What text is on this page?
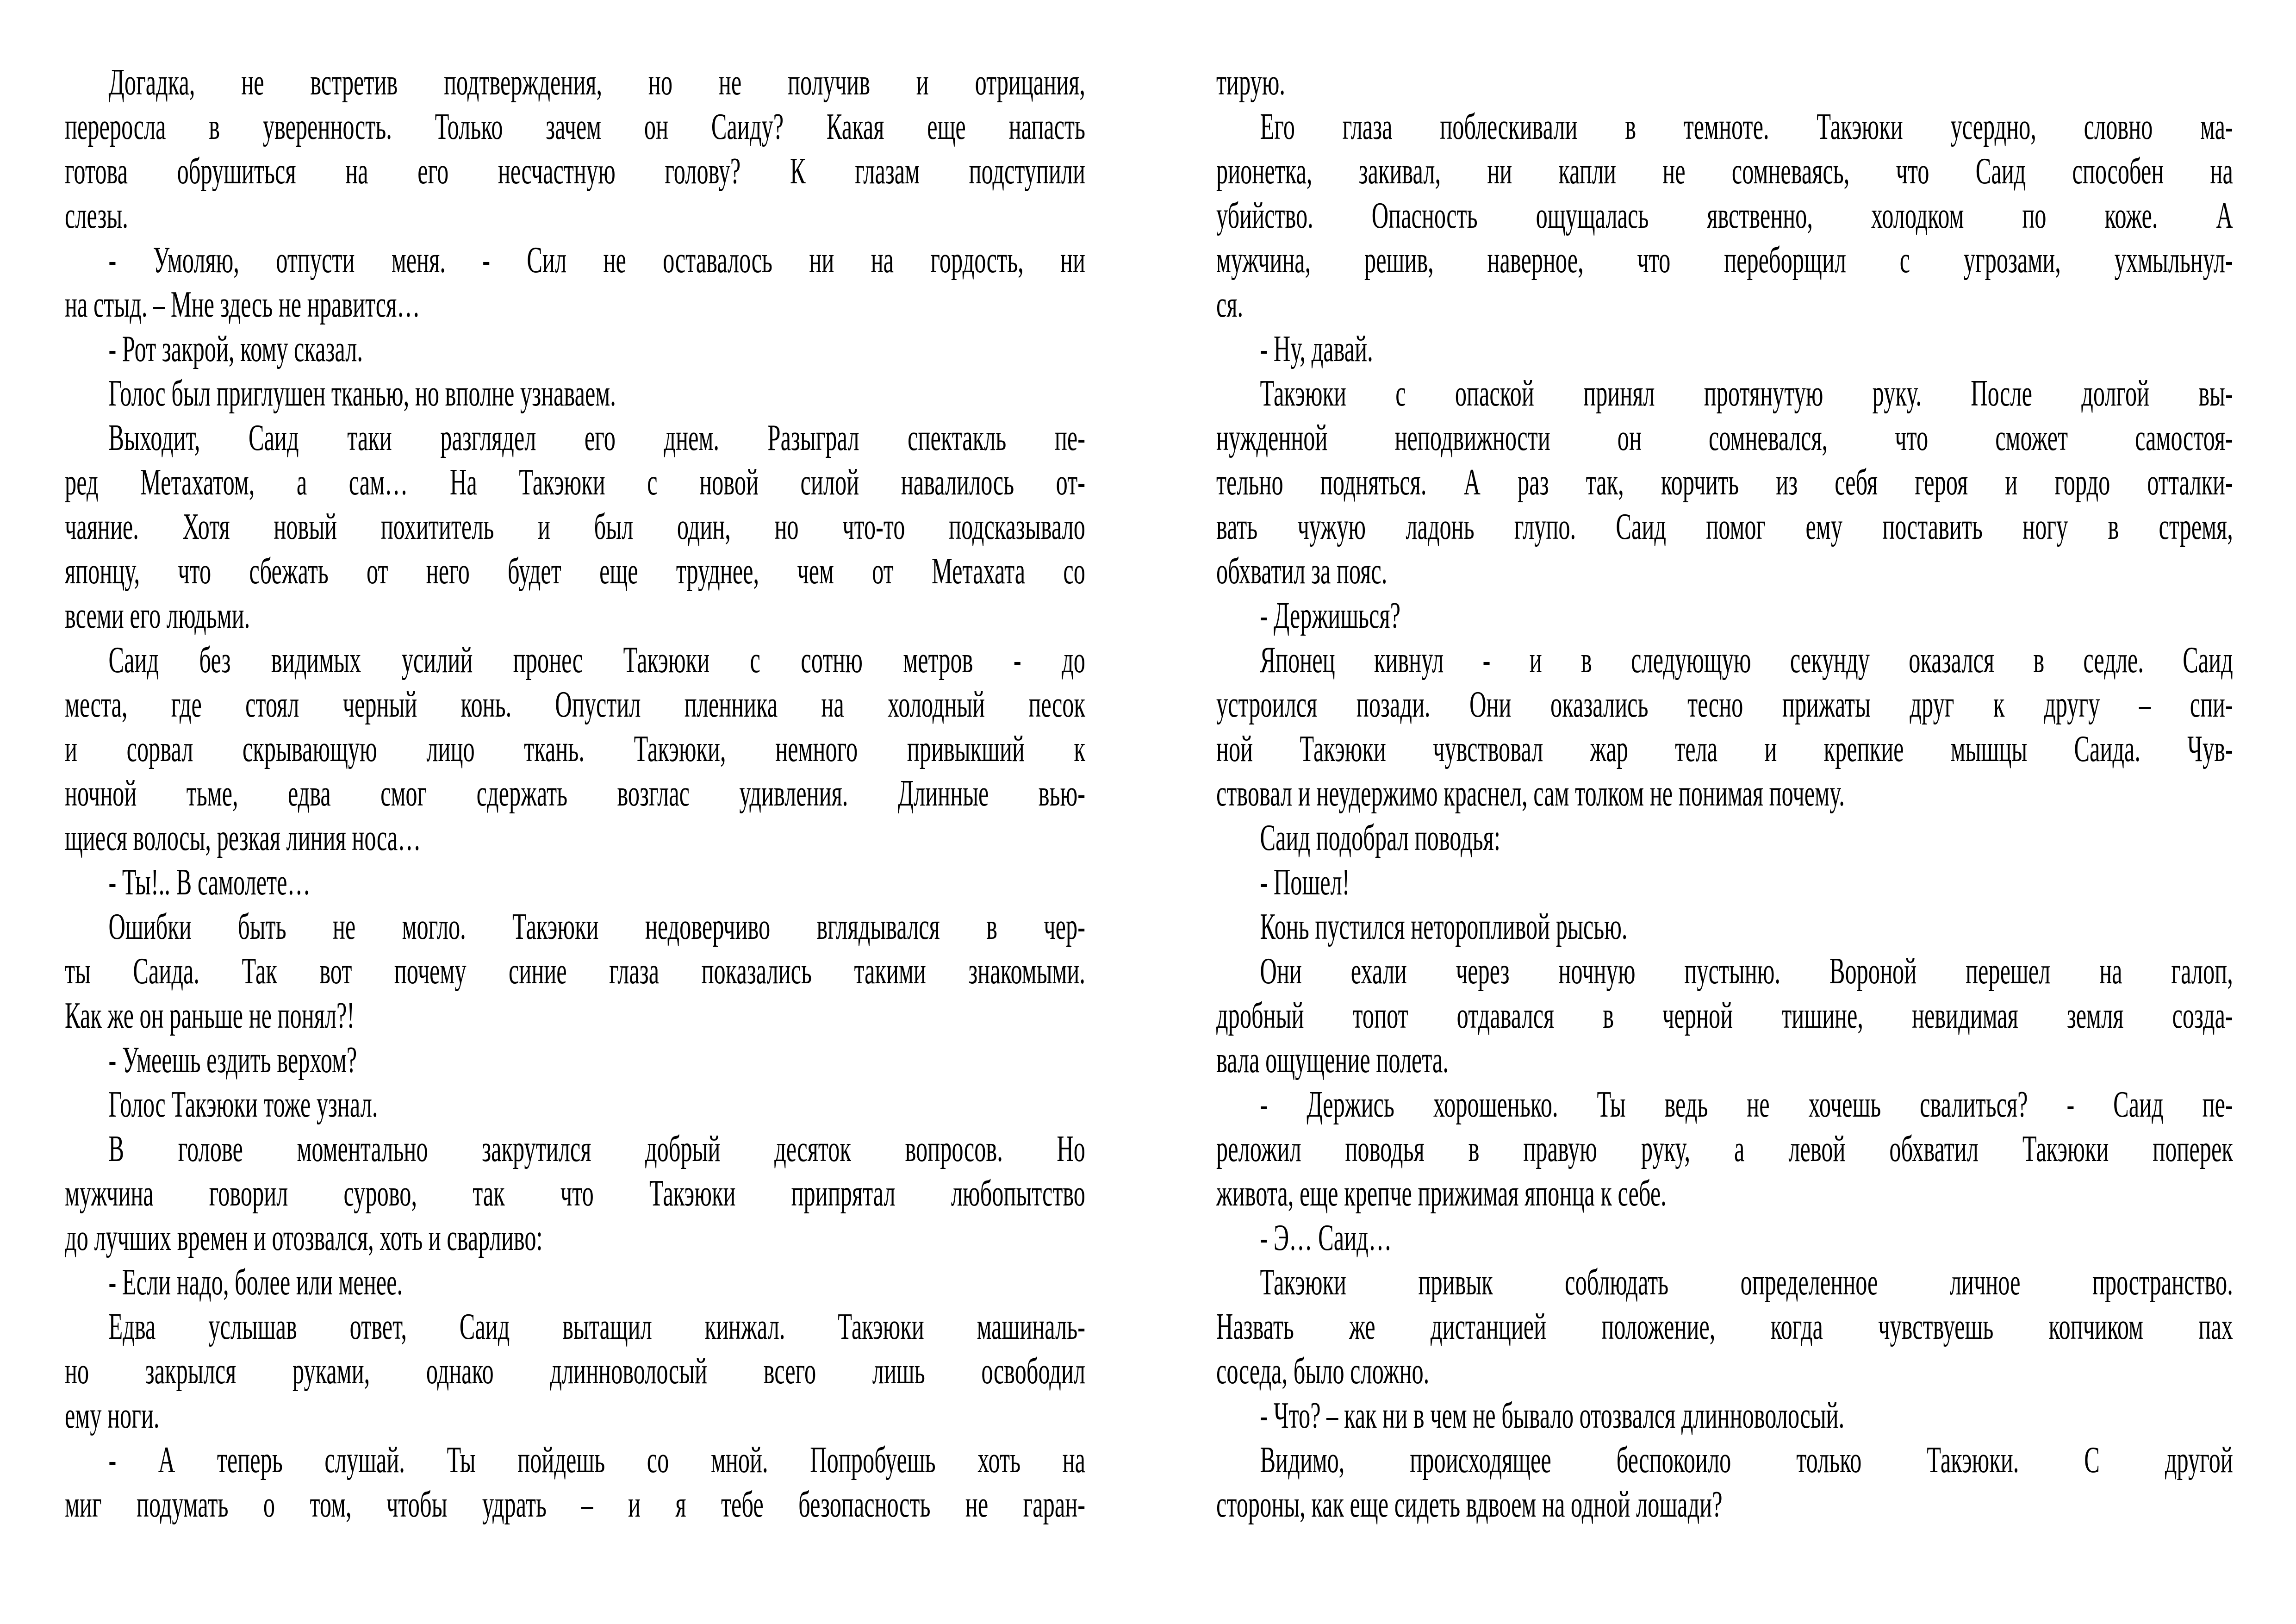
Догадка, не встретив подтверждения, но не получив и отрицания,
переросла в уверенность. Только зачем он Саиду? Какая еще напасть
готова обрушиться на его несчастную голову? К глазам подступили
слезы.
- Умоляю, отпусти меня. - Сил не оставалось ни на гордость, ни
на стыд. – Мне здесь не нравится…
- Рот закрой, кому сказал.
Голос был приглушен тканью, но вполне узнаваем.
Выходит, Саид таки разглядел его днем. Разыграл спектакль пе-
ред Метахатом, а сам… На Такэюки с новой силой навалилось от-
чаяние. Хотя новый похититель и был один, но что-то подсказывало
японцу, что сбежать от него будет еще труднее, чем от Метахата со
всеми его людьми.
Саид без видимых усилий пронес Такэюки с сотню метров - до
места, где стоял черный конь. Опустил пленника на холодный песок
и сорвал скрывающую лицо ткань. Такэюки, немного привыкший к
ночной тьме, едва смог сдержать возглас удивления. Длинные вью-
щиеся волосы, резкая линия носа…
- Ты!.. В самолете…
Ошибки быть не могло. Такэюки недоверчиво вглядывался в чер-
ты Саида. Так вот почему синие глаза показались такими знакомыми.
Как же он раньше не понял?!
- Умеешь ездить верхом?
Голос Такэюки тоже узнал.
В голове моментально закрутился добрый десяток вопросов. Но
мужчина говорил сурово, так что Такэюки припрятал любопытство
до лучших времен и отозвался, хоть и сварливо:
- Если надо, более или менее.
Едва услышав ответ, Саид вытащил кинжал. Такэюки машиналь-
но закрылся руками, однако длинноволосый всего лишь освободил
ему ноги.
- А теперь слушай. Ты пойдешь со мной. Попробуешь хоть на
миг подумать о том, чтобы удрать – и я тебе безопасность не гаран-
тирую.
Его глаза поблескивали в темноте. Такэюки усердно, словно ма-
рионетка, закивал, ни капли не сомневаясь, что Саид способен на
убийство. Опасность ощущалась явственно, холодком по коже. А
мужчина, решив, наверное, что переборщил с угрозами, ухмыльнул-
ся.
- Ну, давай.
Такэюки с опаской принял протянутую руку. После долгой вы-
нужденной неподвижности он сомневался, что сможет самостоя-
тельно подняться. А раз так, корчить из себя героя и гордо отталки-
вать чужую ладонь глупо. Саид помог ему поставить ногу в стремя,
обхватил за пояс.
- Держишься?
Японец кивнул - и в следующую секунду оказался в седле. Саид
устроился позади. Они оказались тесно прижаты друг к другу – спи-
ной Такэюки чувствовал жар тела и крепкие мышцы Саида. Чув-
ствовал и неудержимо краснел, сам толком не понимая почему.
Саид подобрал поводья:
- Пошел!
Конь пустился неторопливой рысью.
Они ехали через ночную пустыню. Вороной перешел на галоп,
дробный топот отдавался в черной тишине, невидимая земля созда-
вала ощущение полета.
- Держись хорошенько. Ты ведь не хочешь свалиться? - Саид пе-
реложил поводья в правую руку, а левой обхватил Такэюки поперек
живота, еще крепче прижимая японца к себе.
- Э… Саид…
Такэюки привык соблюдать определенное личное пространство.
Назвать же дистанцией положение, когда чувствуешь копчиком пах
соседа, было сложно.
- Что? – как ни в чем не бывало отозвался длинноволосый.
Видимо, происходящее беспокоило только Такэюки. С другой
стороны, как еще сидеть вдвоем на одной лошади?
